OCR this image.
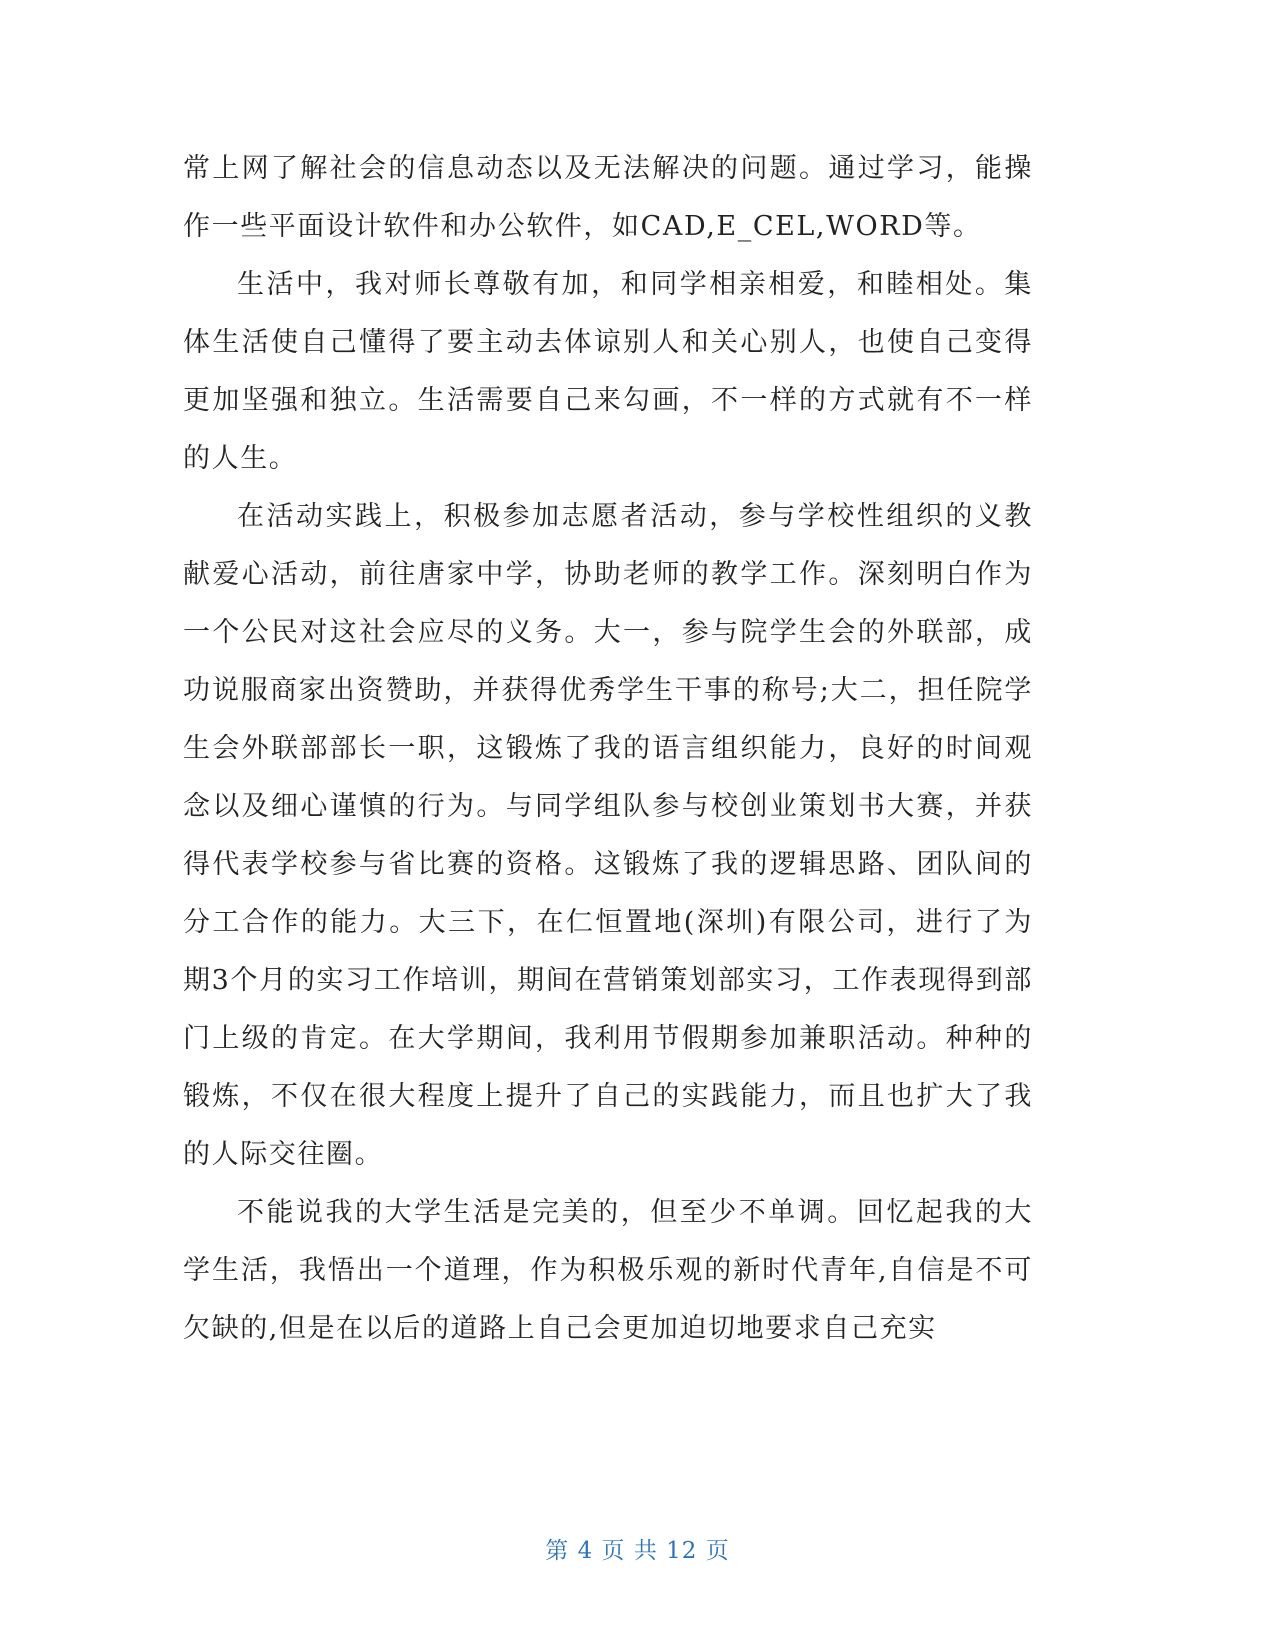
常上网了解社会的信息动态以及无法解决的问题。通过学习，能操作一些平面设计软件和办公软件，如CAD,E_CEL,WORD等。

生活中，我对师长尊敬有加，和同学相亲相爱，和睦相处。集体生活使自己懂得了要主动去体谅别人和关心别人，也使自己变得更加坚强和独立。生活需要自己来勾画，不一样的方式就有不一样的人生。

在活动实践上，积极参加志愿者活动，参与学校性组织的义教献爱心活动，前往唐家中学，协助老师的教学工作。深刻明白作为一个公民对这社会应尽的义务。大一，参与院学生会的外联部，成功说服商家出资赞助，并获得优秀学生干事的称号;大二，担任院学生会外联部部长一职，这锻炼了我的语言组织能力，良好的时间观念以及细心谨慎的行为。与同学组队参与校创业策划书大赛，并获得代表学校参与省比赛的资格。这锻炼了我的逻辑思路、团队间的分工合作的能力。大三下，在仁恒置地(深圳)有限公司，进行了为期3个月的实习工作培训，期间在营销策划部实习，工作表现得到部门上级的肯定。在大学期间，我利用节假期参加兼职活动。种种的锻炼，不仅在很大程度上提升了自己的实践能力，而且也扩大了我的人际交往圈。

不能说我的大学生活是完美的，但至少不单调。回忆起我的大学生活，我悟出一个道理，作为积极乐观的新时代青年,自信是不可欠缺的,但是在以后的道路上自己会更加迫切地要求自己充实

第 4 页 共 12 页
